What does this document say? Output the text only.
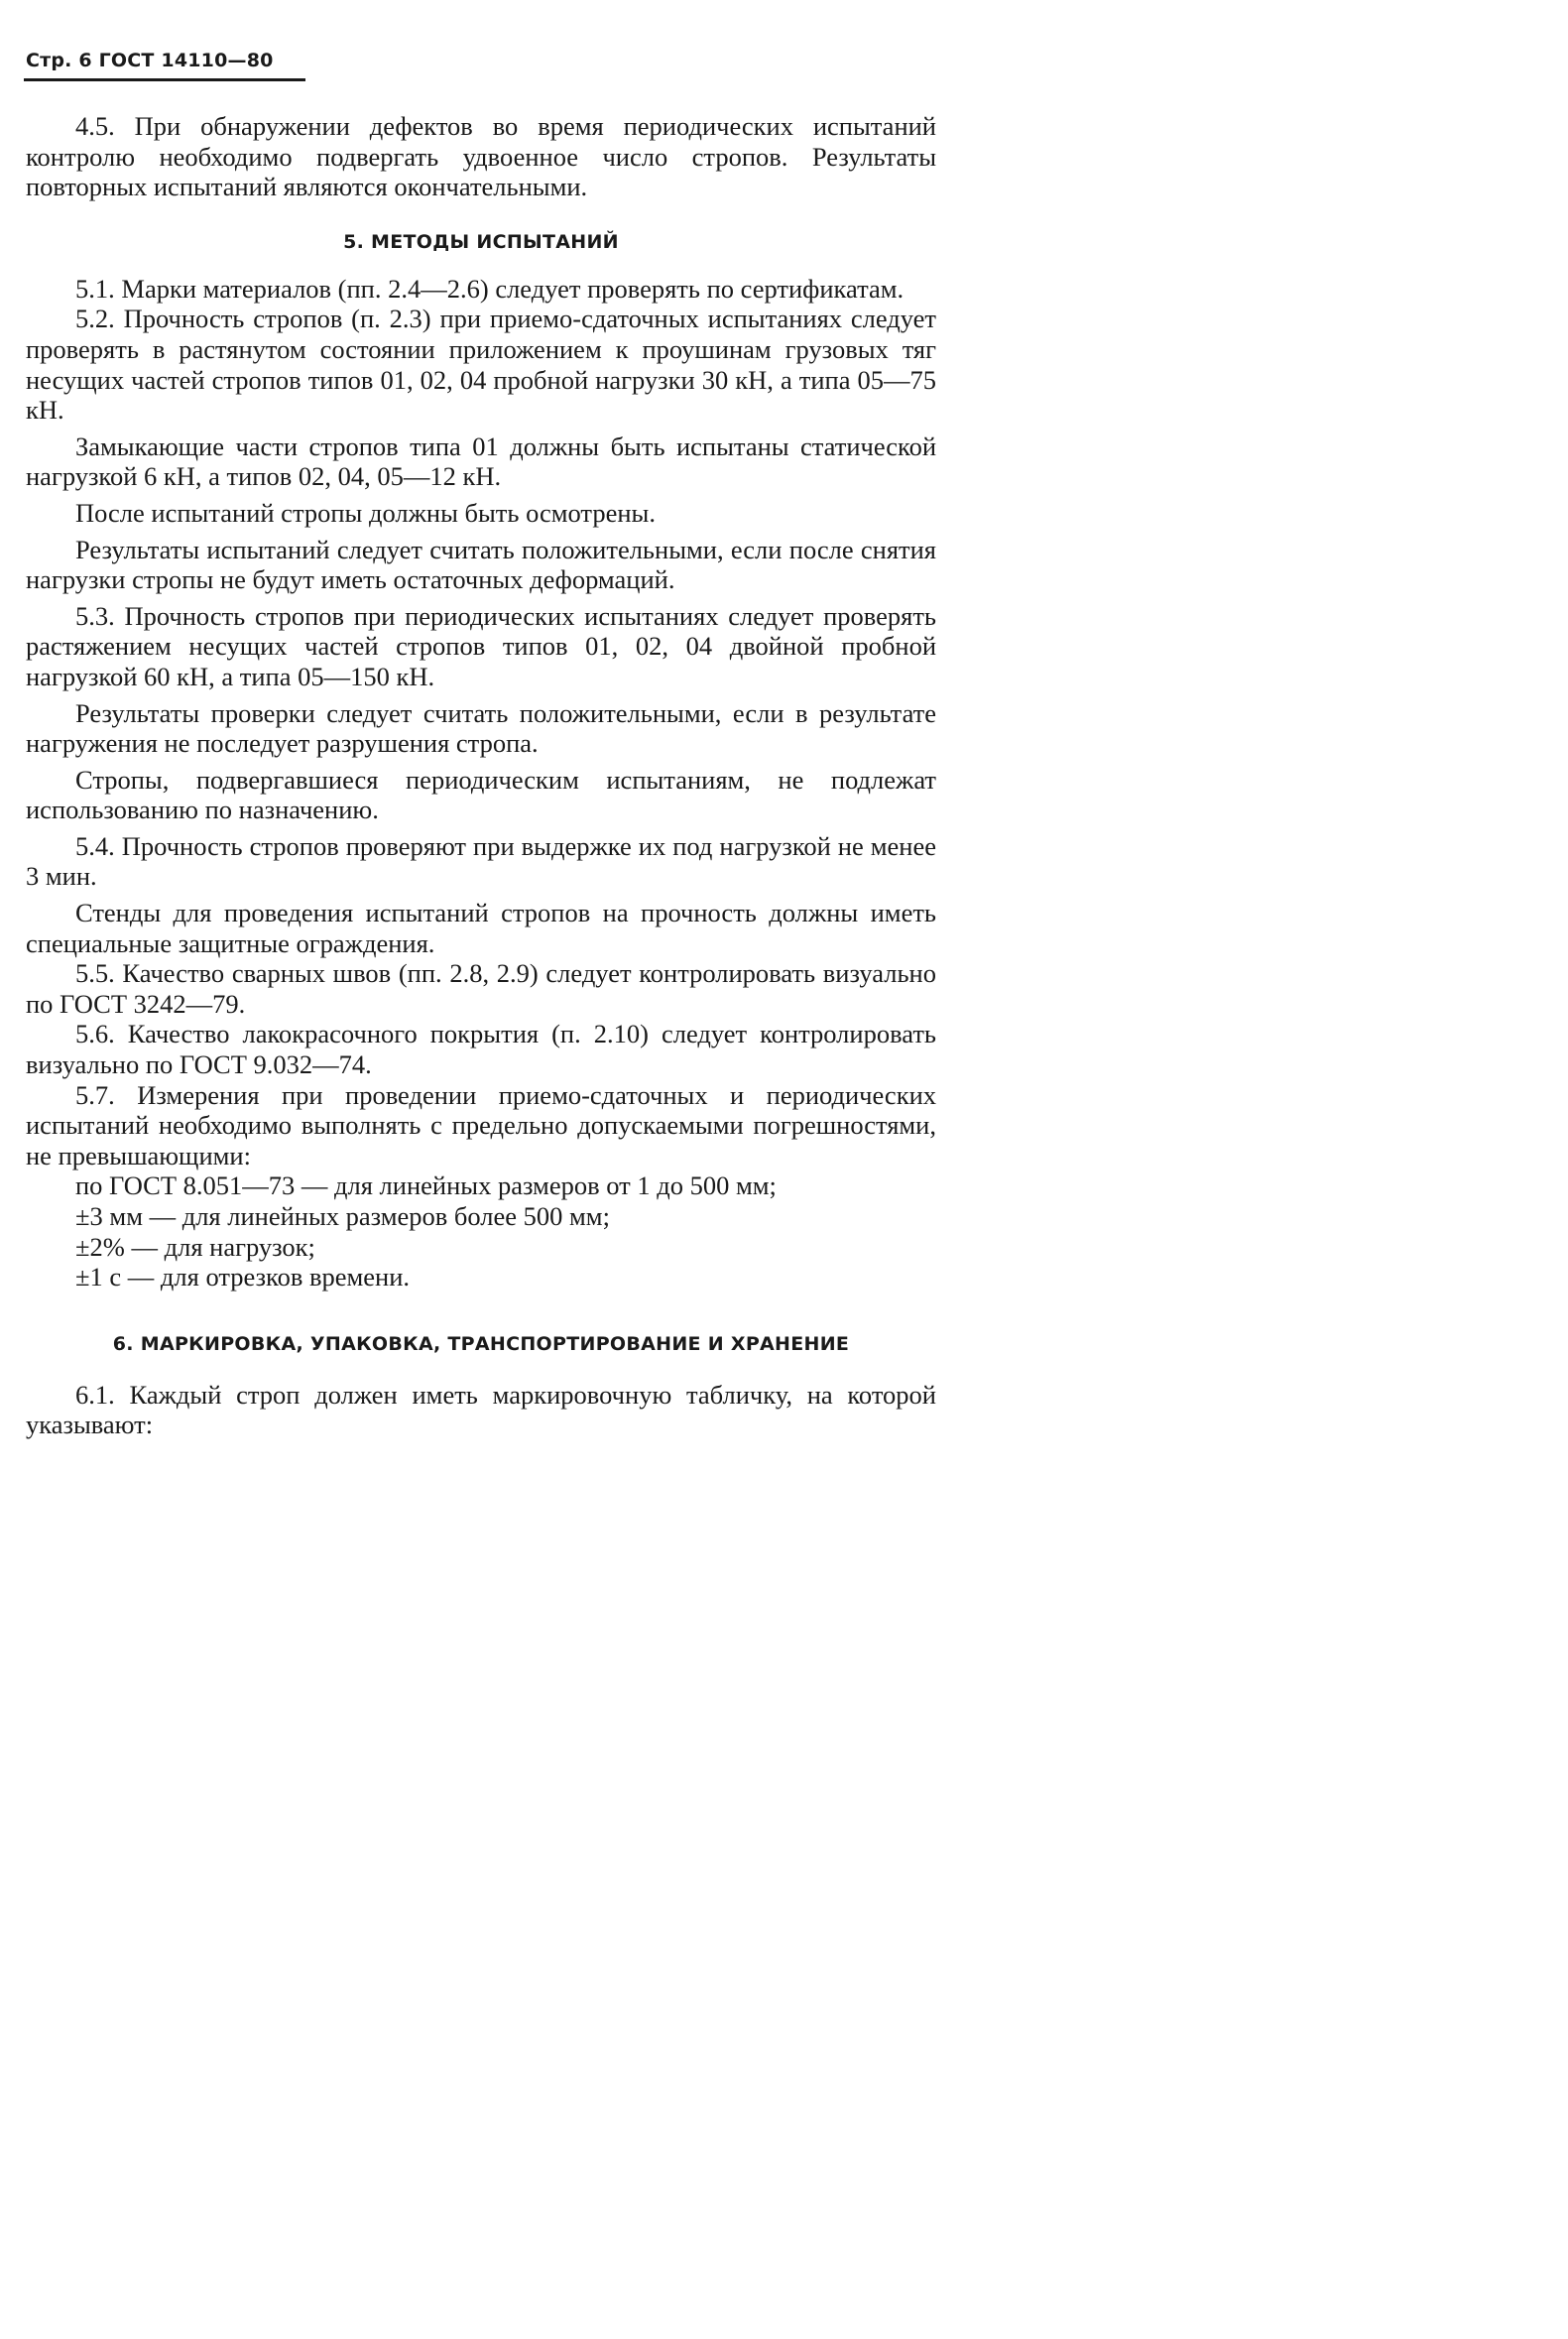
Стр. 6 ГОСТ 14110—80

4.5. При обнаружении дефектов во время периодических испытаний контролю необходимо подвергать удвоенное число стропов. Результаты повторных испытаний являются окончательными.

5. МЕТОДЫ ИСПЫТАНИЙ

5.1. Марки материалов (пп. 2.4—2.6) следует проверять по сертификатам.

5.2. Прочность стропов (п. 2.3) при приемо-сдаточных испытаниях следует проверять в растянутом состоянии приложением к проушинам грузовых тяг несущих частей стропов типов 01, 02, 04 пробной нагрузки 30 кН, а типа 05—75 кН.

Замыкающие части стропов типа 01 должны быть испытаны статической нагрузкой 6 кН, а типов 02, 04, 05—12 кН.

После испытаний стропы должны быть осмотрены.

Результаты испытаний следует считать положительными, если после снятия нагрузки стропы не будут иметь остаточных деформаций.

5.3. Прочность стропов при периодических испытаниях следует проверять растяжением несущих частей стропов типов 01, 02, 04 двойной пробной нагрузкой 60 кН, а типа 05—150 кН.

Результаты проверки следует считать положительными, если в результате нагружения не последует разрушения стропа.

Стропы, подвергавшиеся периодическим испытаниям, не подлежат использованию по назначению.

5.4. Прочность стропов проверяют при выдержке их под нагрузкой не менее 3 мин.

Стенды для проведения испытаний стропов на прочность должны иметь специальные защитные ограждения.

5.5. Качество сварных швов (пп. 2.8, 2.9) следует контролировать визуально по ГОСТ 3242—79.

5.6. Качество лакокрасочного покрытия (п. 2.10) следует контролировать визуально по ГОСТ 9.032—74.

5.7. Измерения при проведении приемо-сдаточных и периодических испытаний необходимо выполнять с предельно допускаемыми погрешностями, не превышающими:

по ГОСТ 8.051—73 — для линейных размеров от 1 до 500 мм;

±3 мм — для линейных размеров более 500 мм;

±2% — для нагрузок;

±1 с — для отрезков времени.

6. МАРКИРОВКА, УПАКОВКА, ТРАНСПОРТИРОВАНИЕ И ХРАНЕНИЕ

6.1. Каждый строп должен иметь маркировочную табличку, на которой указывают:
